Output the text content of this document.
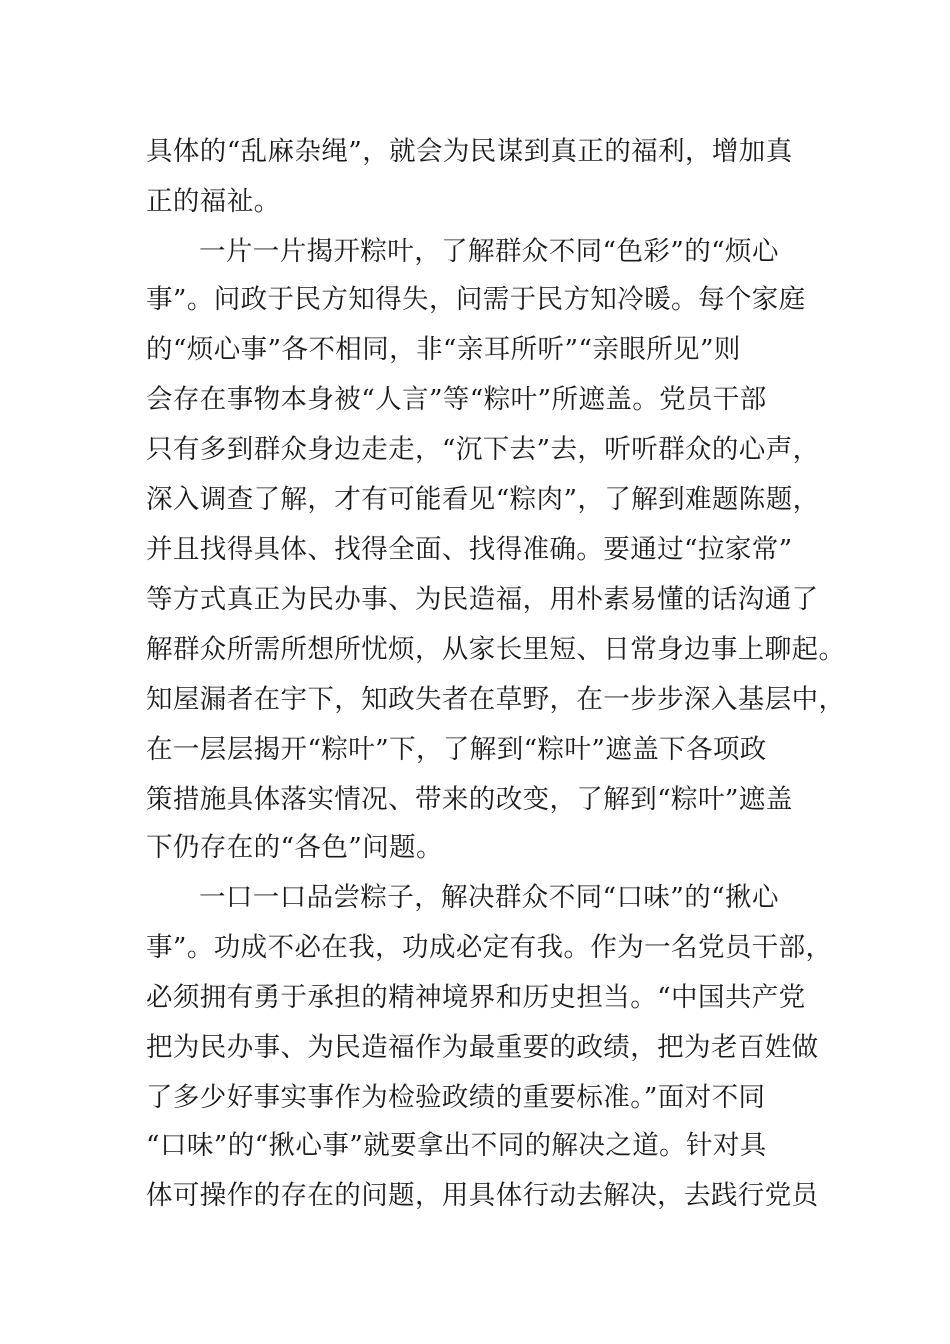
具体的“乱麻杂绳”，就会为民谋到真正的福利，增加真
正的福祉。
一片一片揭开粽叶，了解群众不同“色彩”的“烦心
事”。问政于民方知得失，问需于民方知冷暖。每个家庭
的“烦心事”各不相同，非“亲耳所听”“亲眼所见”则
会存在事物本身被“人言”等“粽叶”所遮盖。党员干部
只有多到群众身边走走，“沉下去”去，听听群众的心声，
深入调查了解，才有可能看见“粽肉”，了解到难题陈题，
并且找得具体、找得全面、找得准确。要通过“拉家常”
等方式真正为民办事、为民造福，用朴素易懂的话沟通了
解群众所需所想所忧烦，从家长里短、日常身边事上聊起。
知屋漏者在宇下，知政失者在草野，在一步步深入基层中，
在一层层揭开“粽叶”下，了解到“粽叶”遮盖下各项政
策措施具体落实情况、带来的改变，了解到“粽叶”遮盖
下仍存在的“各色”问题。
一口一口品尝粽子，解决群众不同“口味”的“揪心
事”。功成不必在我，功成必定有我。作为一名党员干部，
必须拥有勇于承担的精神境界和历史担当。“中国共产党
把为民办事、为民造福作为最重要的政绩，把为老百姓做
了多少好事实事作为检验政绩的重要标准。”面对不同
“口味”的“揪心事”就要拿出不同的解决之道。针对具
体可操作的存在的问题，用具体行动去解决，去践行党员
